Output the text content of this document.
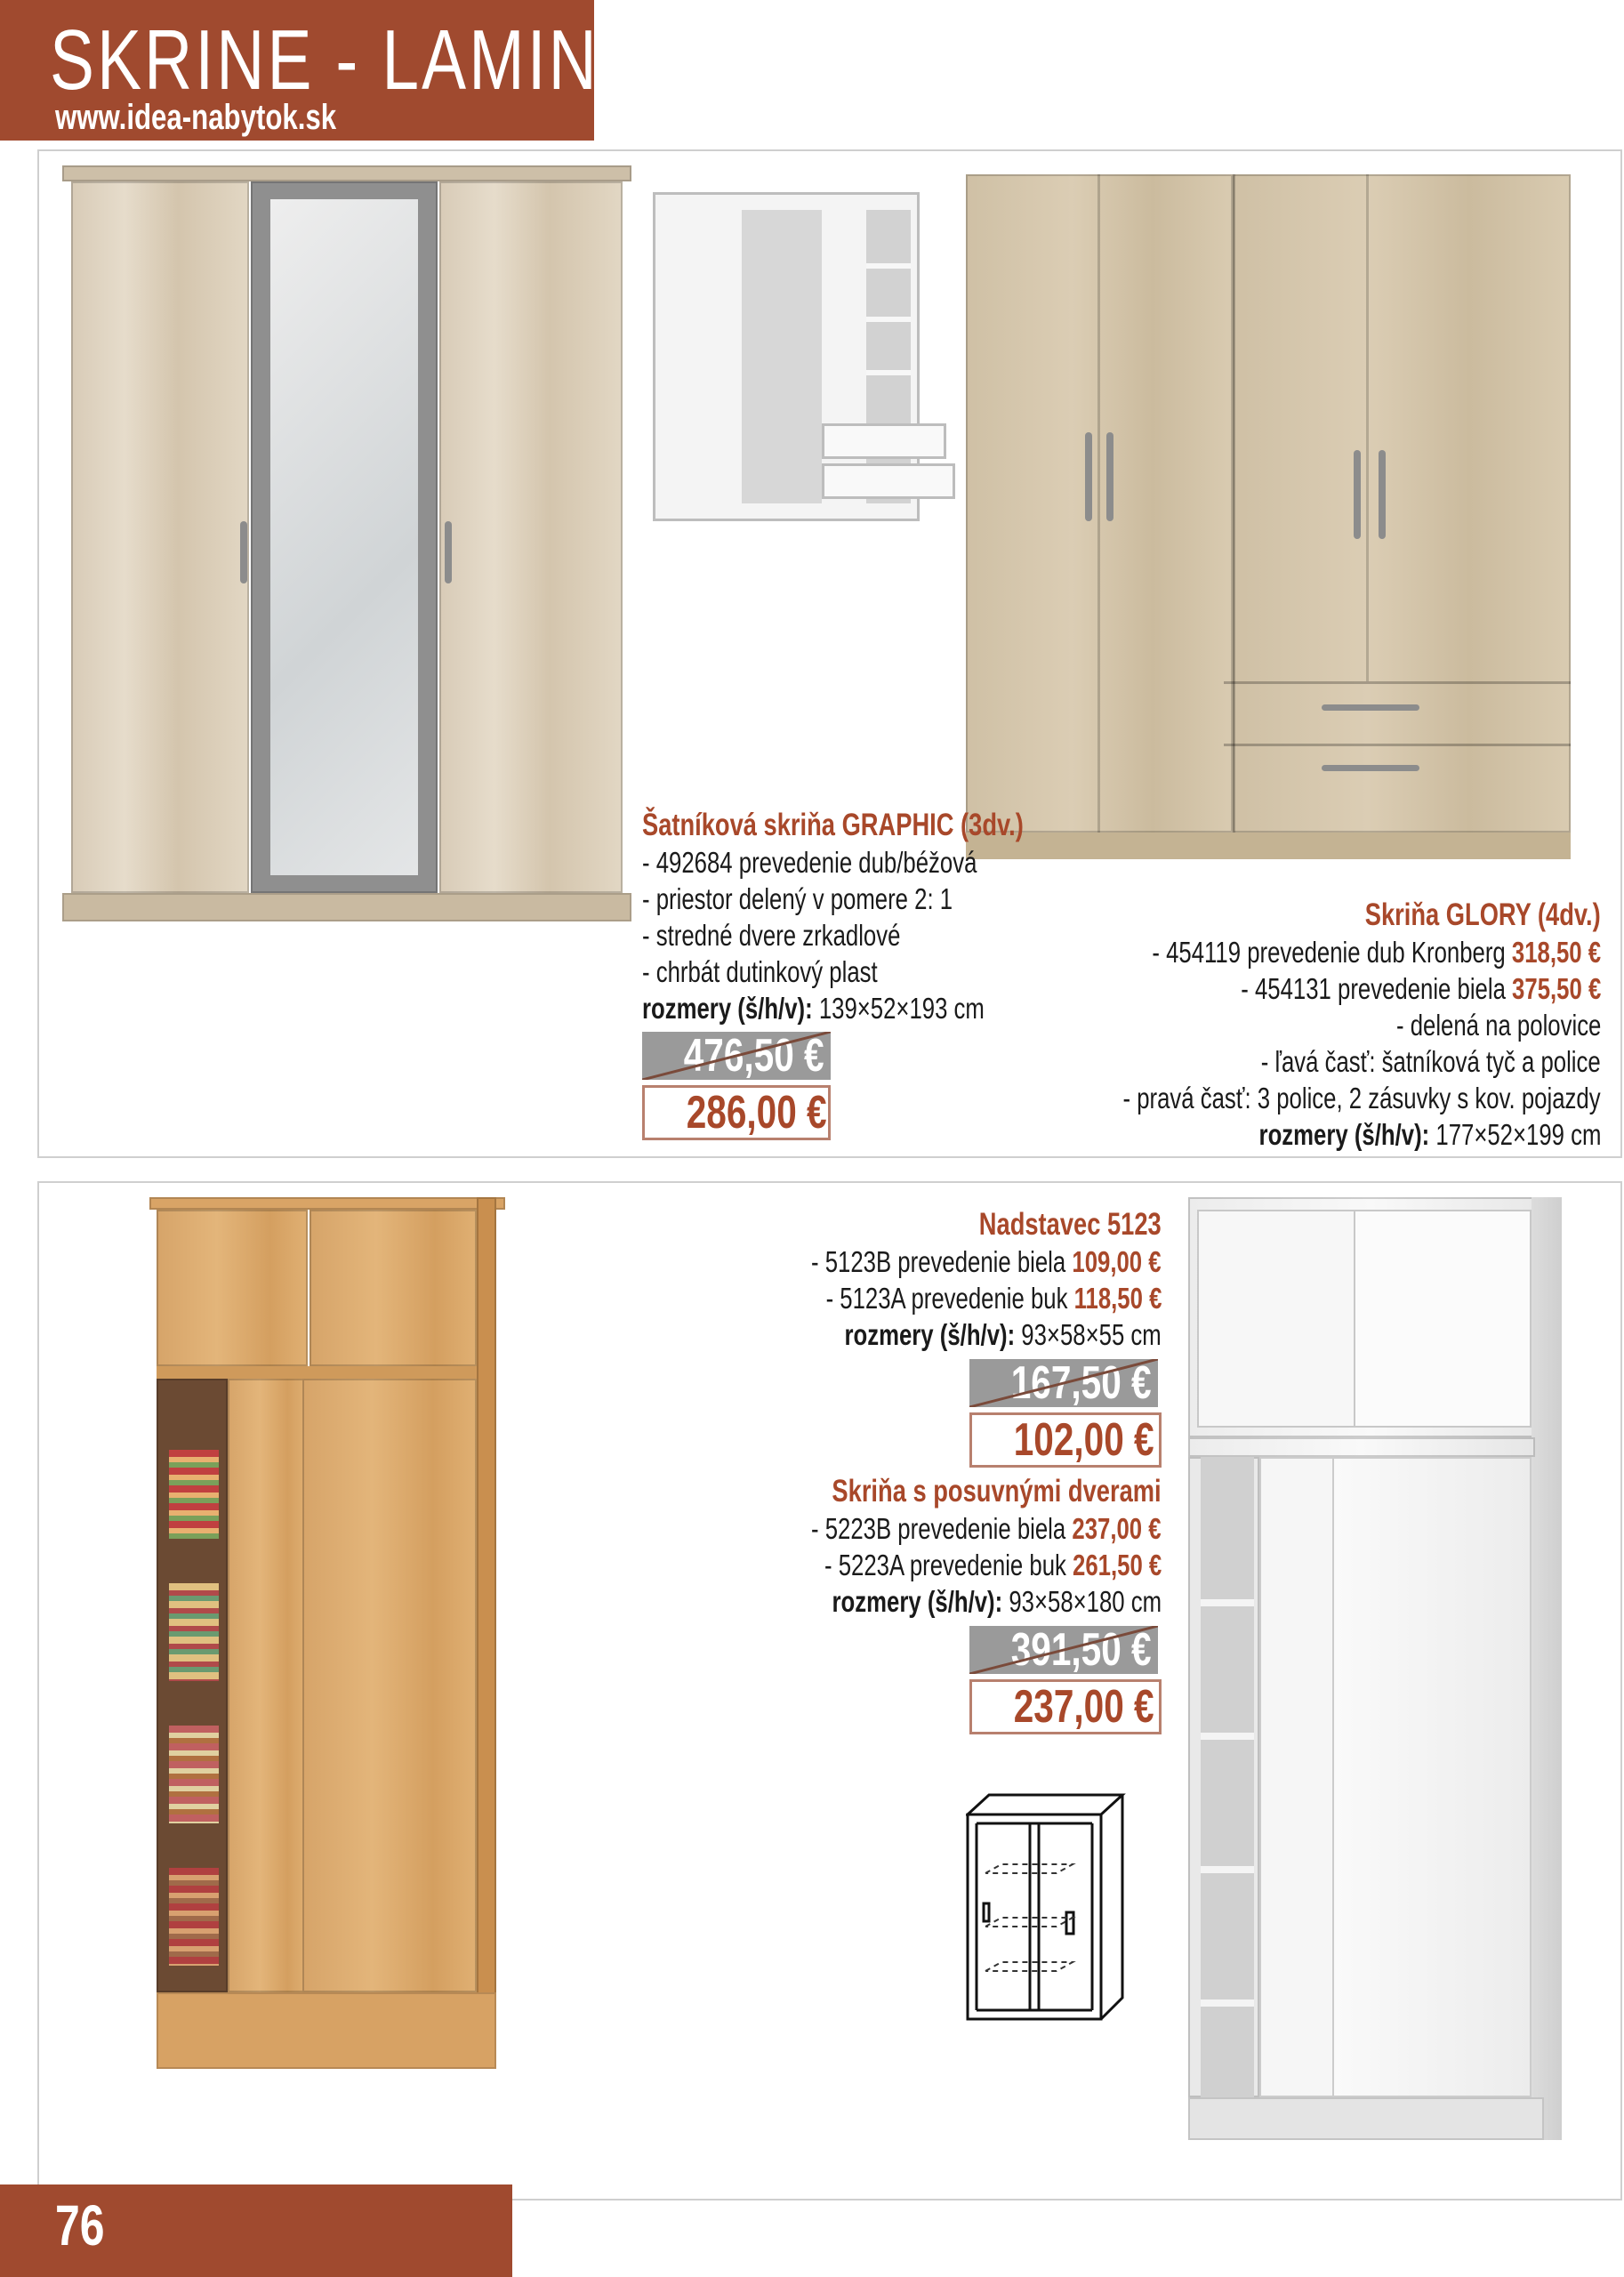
SKRINE - LAMINO
www.idea-nabytok.sk
Šatníková skriňa GRAPHIC (3dv.)
- 492684 prevedenie dub/béžová
- priestor delený v pomere 2: 1
- stredné dvere zrkadlové
- chrbát dutinkový plast
rozmery (š/h/v): 139×52×193 cm
476,50 €
286,00 €
Skriňa GLORY (4dv.)
- 454119 prevedenie dub Kronberg 318,50 €
- 454131 prevedenie biela 375,50 €
- delená na polovice
- ľavá časť: šatníková tyč a police
- pravá časť: 3 police, 2 zásuvky s kov. pojazdy
rozmery (š/h/v): 177×52×199 cm
Nadstavec 5123
- 5123B prevedenie biela 109,00 €
- 5123A prevedenie buk 118,50 €
rozmery (š/h/v): 93×58×55 cm
167,50 €
102,00 €
Skriňa s posuvnými dverami
- 5223B prevedenie biela 237,00 €
- 5223A prevedenie buk 261,50 €
rozmery (š/h/v): 93×58×180 cm
391,50 €
237,00 €
76
